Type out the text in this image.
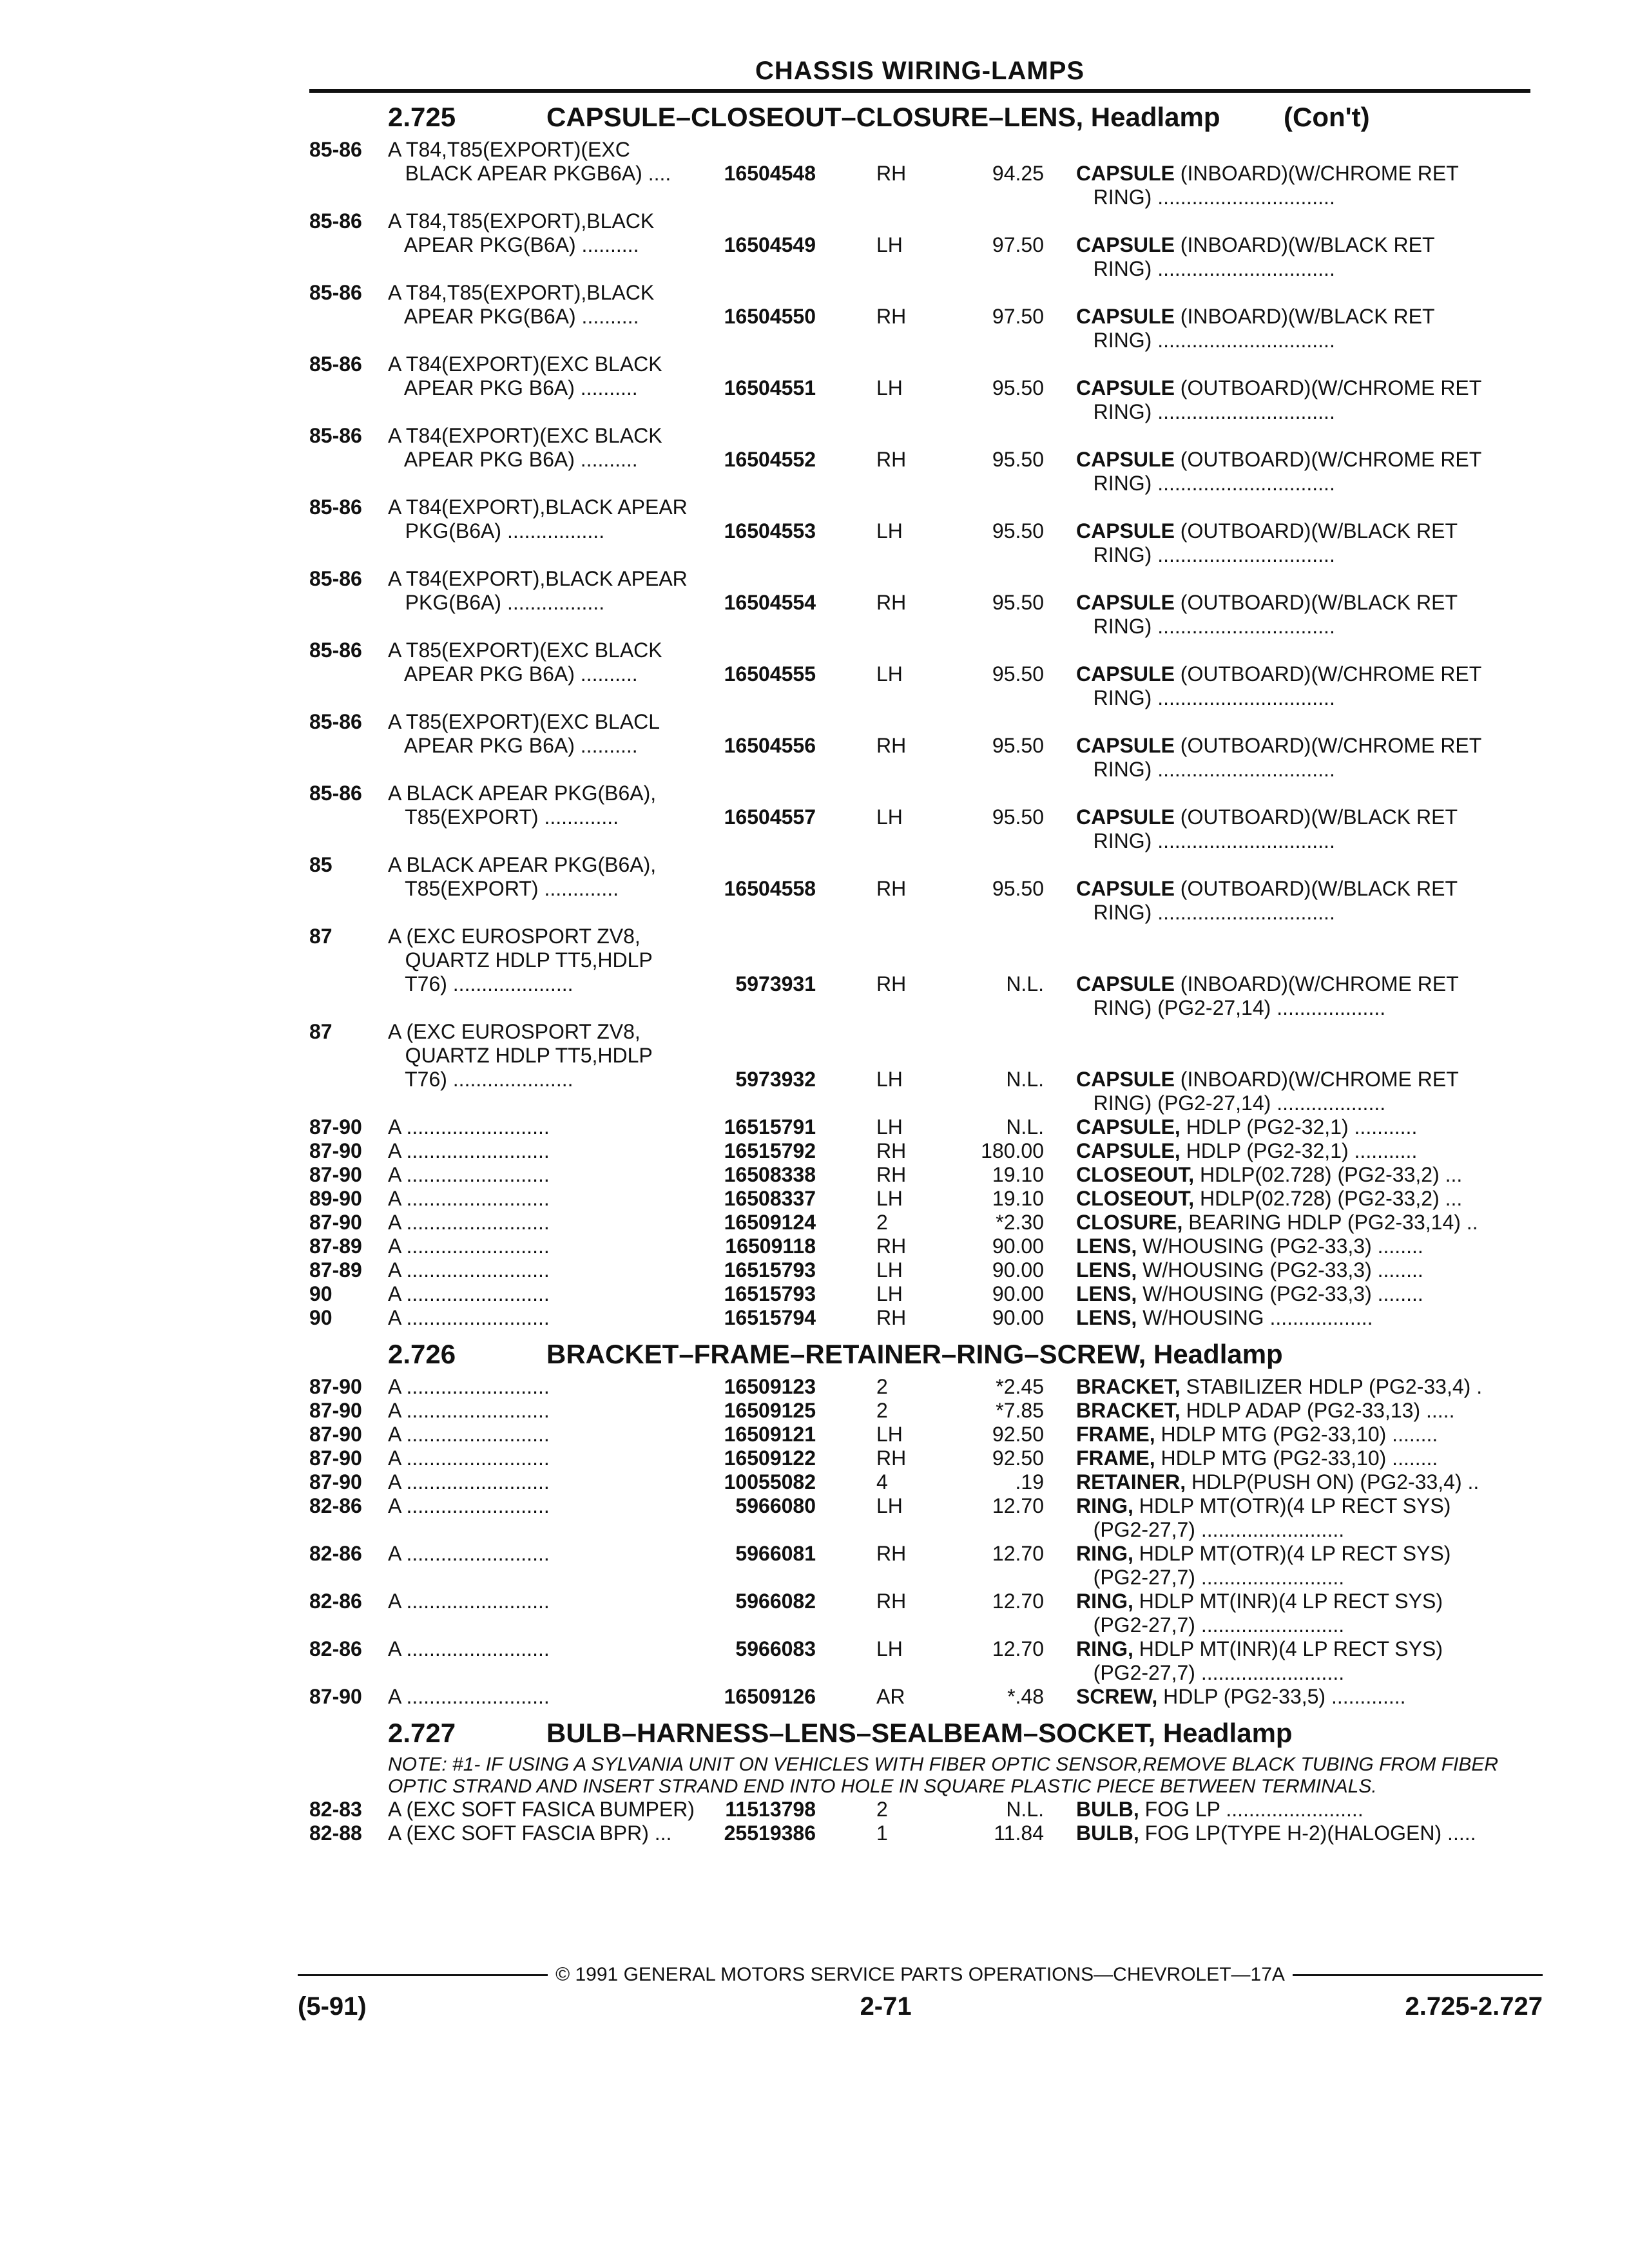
CHASSIS WIRING-LAMPS
2.725	CAPSULE–CLOSEOUT–CLOSURE–LENS, Headlamp (Con't)
85-86	A T84,T85(EXPORT)(EXC
BLACK APEAR PKGB6A) ....	16504548	RH	94.25 CAPSULE (INBOARD)(W/CHROME RET
RING) ...............................
85-86	A T84,T85(EXPORT),BLACK
APEAR PKG(B6A) ..........	16504549	LH	97.50 CAPSULE (INBOARD)(W/BLACK RET
RING) ...............................
85-86	A T84,T85(EXPORT),BLACK
APEAR PKG(B6A) ..........	16504550	RH	97.50 CAPSULE (INBOARD)(W/BLACK RET
RING) ...............................
85-86	A T84(EXPORT)(EXC BLACK
APEAR PKG B6A) ..........	16504551	LH	95.50 CAPSULE (OUTBOARD)(W/CHROME RET
RING) ...............................
85-86	A T84(EXPORT)(EXC BLACK
APEAR PKG B6A) ..........	16504552	RH	95.50 CAPSULE (OUTBOARD)(W/CHROME RET
RING) ...............................
85-86	A T84(EXPORT),BLACK APEAR
PKG(B6A) .................	16504553	LH	95.50 CAPSULE (OUTBOARD)(W/BLACK RET
RING) ...............................
85-86	A T84(EXPORT),BLACK APEAR
PKG(B6A) .................	16504554	RH	95.50 CAPSULE (OUTBOARD)(W/BLACK RET
RING) ...............................
85-86	A T85(EXPORT)(EXC BLACK
APEAR PKG B6A) ..........	16504555	LH	95.50 CAPSULE (OUTBOARD)(W/CHROME RET
RING) ...............................
85-86	A T85(EXPORT)(EXC BLACL
APEAR PKG B6A) ..........	16504556	RH	95.50 CAPSULE (OUTBOARD)(W/CHROME RET
RING) ...............................
85-86	A BLACK APEAR PKG(B6A),
T85(EXPORT) .............	16504557	LH	95.50 CAPSULE (OUTBOARD)(W/BLACK RET
RING) ...............................
85	A BLACK APEAR PKG(B6A),
T85(EXPORT) .............	16504558	RH	95.50 CAPSULE (OUTBOARD)(W/BLACK RET
RING) ...............................
87	A (EXC EUROSPORT ZV8,
QUARTZ HDLP TT5,HDLP
T76) .....................	5973931	RH	N.L. CAPSULE (INBOARD)(W/CHROME RET
RING) (PG2-27,14) ...................
87	A (EXC EUROSPORT ZV8,
QUARTZ HDLP TT5,HDLP
T76) .....................	5973932	LH	N.L. CAPSULE (INBOARD)(W/CHROME RET
RING) (PG2-27,14) ...................
87-90	A .........................	16515791	LH	N.L. CAPSULE, HDLP (PG2-32,1) ...........
87-90	A .........................	16515792	RH	180.00 CAPSULE, HDLP (PG2-32,1) ...........
87-90	A .........................	16508338	RH	19.10 CLOSEOUT, HDLP(02.728) (PG2-33,2) ...
89-90	A .........................	16508337	LH	19.10 CLOSEOUT, HDLP(02.728) (PG2-33,2) ...
87-90	A .........................	16509124	2	*2.30 CLOSURE, BEARING HDLP (PG2-33,14) ..
87-89	A .........................	16509118	RH	90.00 LENS, W/HOUSING (PG2-33,3) ........
87-89	A .........................	16515793	LH	90.00 LENS, W/HOUSING (PG2-33,3) ........
90	A .........................	16515793	LH	90.00 LENS, W/HOUSING (PG2-33,3) ........
90	A .........................	16515794	RH	90.00 LENS, W/HOUSING ..................
2.726	BRACKET–FRAME–RETAINER–RING–SCREW, Headlamp
87-90	A .........................	16509123	2	*2.45 BRACKET, STABILIZER HDLP (PG2-33,4) .
87-90	A .........................	16509125	2	*7.85 BRACKET, HDLP ADAP (PG2-33,13) .....
87-90	A .........................	16509121	LH	92.50 FRAME, HDLP MTG (PG2-33,10) ........
87-90	A .........................	16509122	RH	92.50 FRAME, HDLP MTG (PG2-33,10) ........
87-90	A .........................	10055082	4	.19 RETAINER, HDLP(PUSH ON) (PG2-33,4) ..
82-86	A .........................	5966080	LH	12.70 RING, HDLP MT(OTR)(4 LP RECT SYS)
(PG2-27,7) .........................
82-86	A .........................	5966081	RH	12.70 RING, HDLP MT(OTR)(4 LP RECT SYS)
(PG2-27,7) .........................
82-86	A .........................	5966082	RH	12.70 RING, HDLP MT(INR)(4 LP RECT SYS)
(PG2-27,7) .........................
82-86	A .........................	5966083	LH	12.70 RING, HDLP MT(INR)(4 LP RECT SYS)
(PG2-27,7) .........................
87-90	A .........................	16509126	AR	*.48 SCREW, HDLP (PG2-33,5) .............
2.727	BULB–HARNESS–LENS–SEALBEAM–SOCKET, Headlamp
NOTE: #1- IF USING A SYLVANIA UNIT ON VEHICLES WITH FIBER OPTIC SENSOR,REMOVE BLACK TUBING FROM FIBER OPTIC STRAND AND INSERT STRAND END INTO HOLE IN SQUARE PLASTIC PIECE BETWEEN TERMINALS.
82-83	A (EXC SOFT FASICA BUMPER)	11513798	2	N.L. BULB, FOG LP ........................
82-88	A (EXC SOFT FASCIA BPR) ...	25519386	1	11.84 BULB, FOG LP(TYPE H-2)(HALOGEN) .....
© 1991 GENERAL MOTORS SERVICE PARTS OPERATIONS—CHEVROLET—17A
(5-91)	2-71	2.725-2.727
